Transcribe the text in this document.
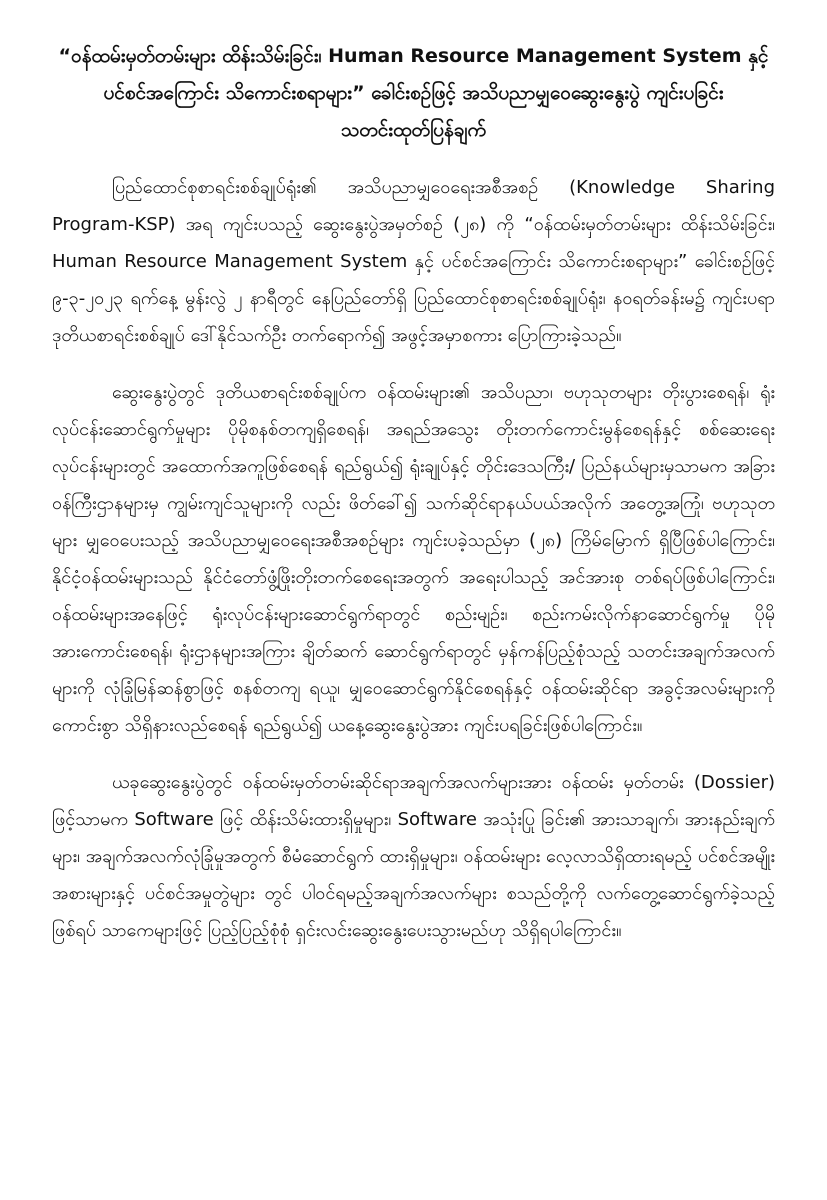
“ဝန်ထမ်းမှတ်တမ်းများ ထိန်းသိမ်းခြင်း၊ Human Resource Management System နှင့်
ပင်စင်အကြောင်း သိကောင်းစရာများ” ခေါင်းစဉ်ဖြင့် အသိပညာမျှဝေဆွေးနွေးပွဲ ကျင်းပခြင်း
သတင်းထုတ်ပြန်ချက်

ပြည်ထောင်စုစာရင်းစစ်ချုပ်ရုံး၏ အသိပညာမျှဝေရေးအစီအစဉ် (Knowledge Sharing Program-KSP) အရ ကျင်းပသည့် ဆွေးနွေးပွဲအမှတ်စဉ် (၂၈) ကို “ဝန်ထမ်းမှတ်တမ်းများ ထိန်းသိမ်းခြင်း၊ Human Resource Management System နှင့် ပင်စင်အကြောင်း သိကောင်းစရာများ” ခေါင်းစဉ်ဖြင့် ၉-၃-၂၀၂၃ ရက်နေ့ မွန်းလွဲ ၂ နာရီတွင် နေပြည်တော်ရှိ ပြည်ထောင်စုစာရင်းစစ်ချုပ်ရုံး၊ နဝရတ်ခန်းမ၌ ကျင်းပရာ ဒုတိယစာရင်းစစ်ချုပ် ဒေါ်နိုင်သက်ဦး တက်ရောက်၍ အဖွင့်အမှာစကား ပြောကြားခဲ့သည်။

ဆွေးနွေးပွဲတွင် ဒုတိယစာရင်းစစ်ချုပ်က ဝန်ထမ်းများ၏ အသိပညာ၊ ဗဟုသုတများ တိုးပွားစေရန်၊ ရုံးလုပ်ငန်းဆောင်ရွက်မှုများ ပိုမိုစနစ်တကျရှိစေရန်၊ အရည်အသွေး တိုးတက်ကောင်းမွန်စေရန်နှင့် စစ်ဆေးရေးလုပ်ငန်းများတွင် အထောက်အကူဖြစ်စေရန် ရည်ရွယ်၍ ရုံးချုပ်နှင့် တိုင်းဒေသကြီး/ ပြည်နယ်များမှသာမက အခြားဝန်ကြီးဌာနများမှ ကျွမ်းကျင်သူများကို လည်း ဖိတ်ခေါ်၍ သက်ဆိုင်ရာနယ်ပယ်အလိုက် အတွေ့အကြုံ၊ ဗဟုသုတများ မျှဝေပေးသည့် အသိပညာမျှဝေရေးအစီအစဉ်များ ကျင်းပခဲ့သည်မှာ (၂၈) ကြိမ်မြောက် ရှိပြီဖြစ်ပါကြောင်း၊ နိုင်ငံ့ဝန်ထမ်းများသည် နိုင်ငံတော်ဖွံ့ဖြိုးတိုးတက်စေရေးအတွက် အရေးပါသည့် အင်အားစု တစ်ရပ်ဖြစ်ပါကြောင်း၊ ဝန်ထမ်းများအနေဖြင့် ရုံးလုပ်ငန်းများဆောင်ရွက်ရာတွင် စည်းမျဉ်း၊ စည်းကမ်းလိုက်နာဆောင်ရွက်မှု ပိုမိုအားကောင်းစေရန်၊ ရုံးဌာနများအကြား ချိတ်ဆက် ဆောင်ရွက်ရာတွင် မှန်ကန်ပြည့်စုံသည့် သတင်းအချက်အလက်များကို လုံခြုံမြန်ဆန်စွာဖြင့် စနစ်တကျ ရယူ၊ မျှဝေဆောင်ရွက်နိုင်စေရန်နှင့် ဝန်ထမ်းဆိုင်ရာ အခွင့်အလမ်းများကို ကောင်းစွာ သိရှိနားလည်စေရန် ရည်ရွယ်၍ ယနေ့ဆွေးနွေးပွဲအား ကျင်းပရခြင်းဖြစ်ပါကြောင်း။

ယခုဆွေးနွေးပွဲတွင် ဝန်ထမ်းမှတ်တမ်းဆိုင်ရာအချက်အလက်များအား ဝန်ထမ်း မှတ်တမ်း (Dossier) ဖြင့်သာမက Software ဖြင့် ထိန်းသိမ်းထားရှိမှုများ၊ Software အသုံးပြု ခြင်း၏ အားသာချက်၊ အားနည်းချက်များ၊ အချက်အလက်လုံခြုံမှုအတွက် စီမံဆောင်ရွက် ထားရှိမှုများ၊ ဝန်ထမ်းများ လေ့လာသိရှိထားရမည့် ပင်စင်အမျိုးအစားများနှင့် ပင်စင်အမှုတွဲများ တွင် ပါဝင်ရမည့်အချက်အလက်များ စသည်တို့ကို လက်တွေ့ဆောင်ရွက်ခဲ့သည့် ဖြစ်ရပ် သာကေများဖြင့် ပြည့်ပြည့်စုံစုံ ရှင်းလင်းဆွေးနွေးပေးသွားမည်ဟု သိရှိရပါကြောင်း။
